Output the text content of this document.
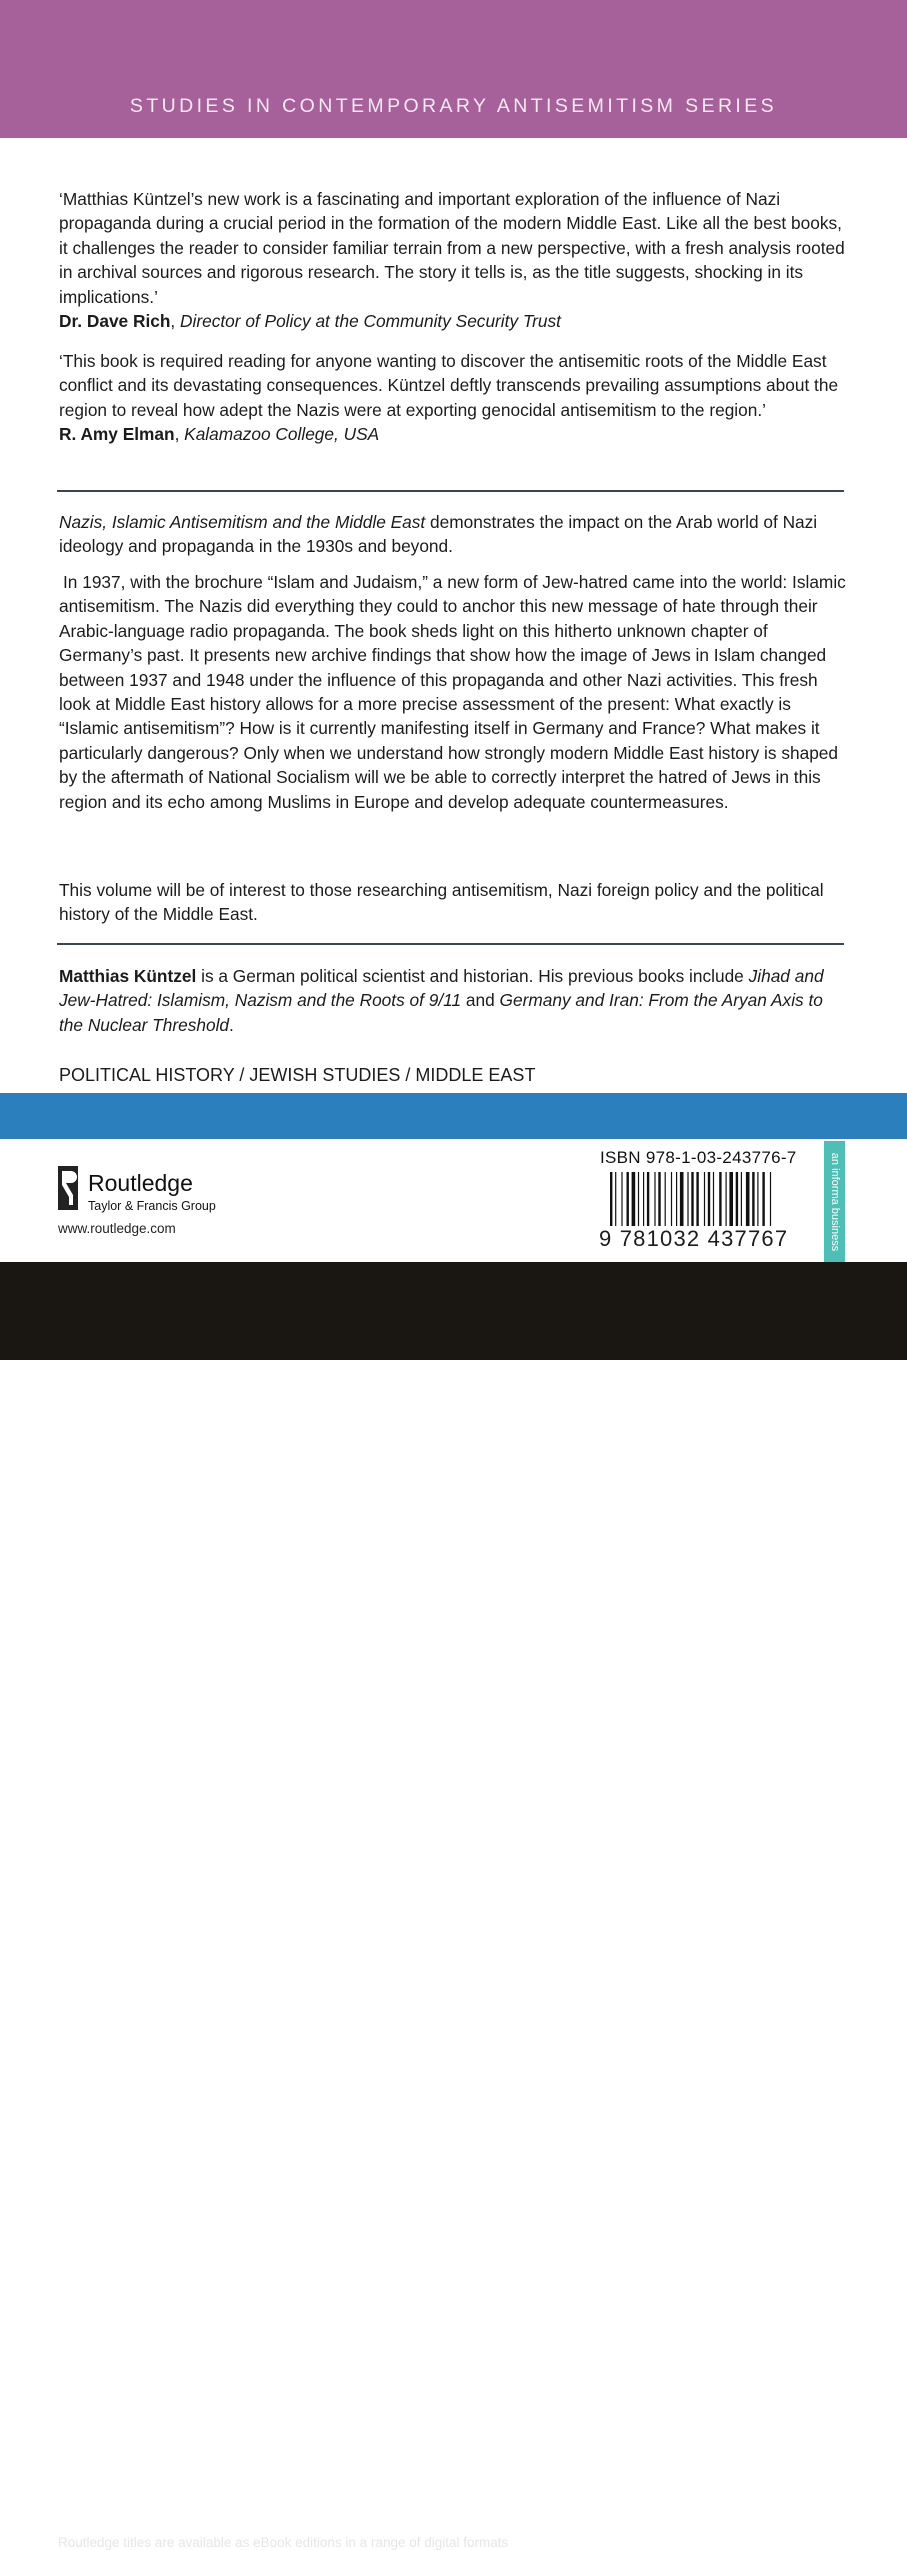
STUDIES IN CONTEMPORARY ANTISEMITISM SERIES

‘Matthias Küntzel’s new work is a fascinating and important exploration of the influence of Nazi propaganda during a crucial period in the formation of the modern Middle East. Like all the best books, it challenges the reader to consider familiar terrain from a new perspective, with a fresh analysis rooted in archival sources and rigorous research. The story it tells is, as the title suggests, shocking in its implications.’

Dr. Dave Rich, Director of Policy at the Community Security Trust

‘This book is required reading for anyone wanting to discover the antisemitic roots of the Middle East conflict and its devastating consequences. Küntzel deftly transcends prevailing assumptions about the region to reveal how adept the Nazis were at exporting genocidal antisemitism to the region.’

R. Amy Elman, Kalamazoo College, USA

Nazis, Islamic Antisemitism and the Middle East demonstrates the impact on the Arab world of Nazi ideology and propaganda in the 1930s and beyond.

In 1937, with the brochure “Islam and Judaism,” a new form of Jew-hatred came into the world: Islamic antisemitism. The Nazis did everything they could to anchor this new message of hate through their Arabic-language radio propaganda. The book sheds light on this hitherto unknown chapter of Germany’s past. It presents new archive findings that show how the image of Jews in Islam changed between 1937 and 1948 under the influence of this propaganda and other Nazi activities. This fresh look at Middle East history allows for a more precise assessment of the present: What exactly is “Islamic antisemitism”? How is it currently manifesting itself in Germany and France? What makes it particularly dangerous? Only when we understand how strongly modern Middle East history is shaped by the aftermath of National Socialism will we be able to correctly interpret the hatred of Jews in this region and its echo among Muslims in Europe and develop adequate countermeasures.

This volume will be of interest to those researching antisemitism, Nazi foreign policy and the political history of the Middle East.

Matthias Küntzel is a German political scientist and historian. His previous books include Jihad and Jew-Hatred: Islamism, Nazism and the Roots of 9/11 and Germany and Iran: From the Aryan Axis to the Nuclear Threshold.

POLITICAL HISTORY / JEWISH STUDIES / MIDDLE EAST
Routledge
Taylor & Francis Group
www.routledge.com
ISBN 978-1-03-243776-7
9 781032 437767	an informa business
Routledge titles are available as eBook editions in a range of digital formats
